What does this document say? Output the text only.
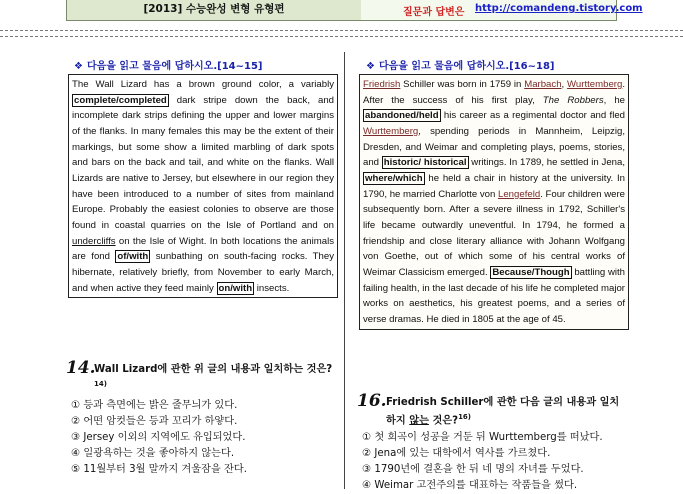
[2013] 수능완성 변형 유형편	질문과 답변은 http://comandeng.tistory.com
❖ 다음을 읽고 물음에 답하시오.[14~15]
The Wall Lizard has a brown ground color, a variably complete/completed dark stripe down the back, and incomplete dark strips defining the upper and lower margins of the flanks. In many females this may be the extent of their markings, but some show a limited marbling of dark spots and bars on the back and tail, and white on the flanks. Wall Lizards are native to Jersey, but elsewhere in our region they have been introduced to a number of sites from mainland Europe. Probably the easiest colonies to observe are those found in coastal quarries on the Isle of Portland and on undercliffs on the Isle of Wight. In both locations the animals are fond of/with sunbathing on south-facing rocks. They hibernate, relatively briefly, from November to early March, and when active they feed mainly on/with insects.
14.
Wall Lizard에 관한 위 글의 내용과 일치하는 것은?$^{14)}$
① 등과 측면에는 밝은 줄무늬가 있다.
② 어떤 암컷들은 등과 꼬리가 하얗다.
③ Jersey 이외의 지역에도 유입되었다.
④ 일광욕하는 것을 좋아하지 않는다.
⑤ 11월부터 3월 말까지 겨울잠을 잔다.
❖ 다음을 읽고 물음에 답하시오.[16~18]
Friedrish Schiller was born in 1759 in Marbach, Wurttemberg. After the success of his first play, The Robbers, he abandoned/held his career as a regimental doctor and fled Wurttemberg, spending periods in Mannheim, Leipzig, Dresden, and Weimar and completing plays, poems, stories, and historic/ historical writings. In 1789, he settled in Jena, where/which he held a chair in history at the university. In 1790, he married Charlotte von Lengefeld. Four children were subsequently born. After a severe illness in 1792, Schiller's life became outwardly uneventful. In 1794, he formed a friendship and close literary alliance with Johann Wolfgang von Goethe, out of which some of his central works of Weimar Classicism emerged. Because/Though battling with failing health, in the last decade of his life he completed major works on aesthetics, his greatest poems, and a series of verse dramas. He died in 1805 at the age of 45.
16. Friedrish Schiller에 관한 다음 글의 내용과 일치하지 않는 것은?$^{16)}$
① 첫 희곡이 성공을 거둔 뒤 Wurttemberg를 떠났다.
② Jena에 있는 대학에서 역사를 가르쳤다.
③ 1790년에 결혼을 한 뒤 네 명의 자녀를 두었다.
④ Weimar 고전주의를 대표하는 작품들을 썼다.
